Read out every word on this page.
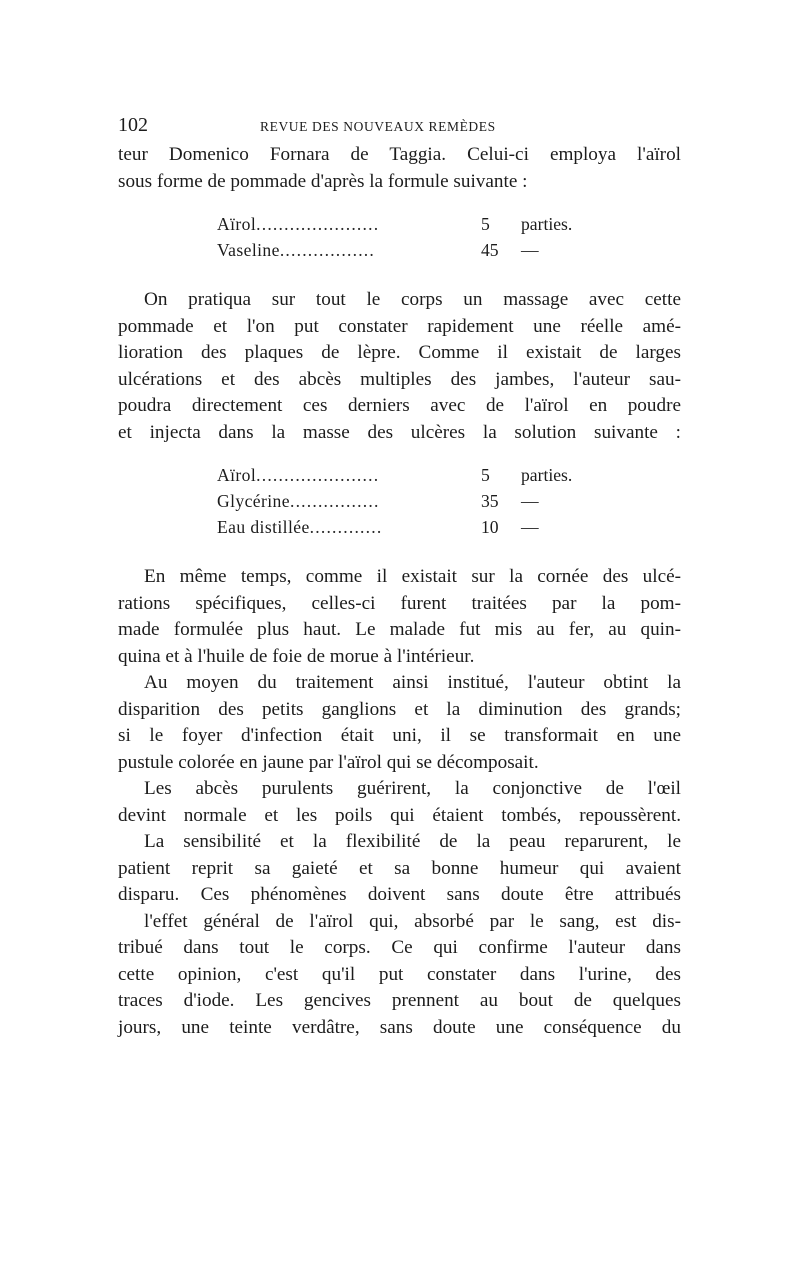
102	REVUE DES NOUVEAUX REMÈDES

teur Domenico Fornara de Taggia. Celui-ci employa l'aïrol
sous forme de pommade d'après la formule suivante :

Aïrol......................	5	parties.
Vaseline.................	45	—

On pratiqua sur tout le corps un massage avec cette
pommade et l'on put constater rapidement une réelle amé-
lioration des plaques de lèpre. Comme il existait de larges
ulcérations et des abcès multiples des jambes, l'auteur sau-
poudra directement ces derniers avec de l'aïrol en poudre
et injecta dans la masse des ulcères la solution suivante :

Aïrol......................	5	parties.
Glycérine................	35	—
Eau distillée.............	10	—

En même temps, comme il existait sur la cornée des ulcé-
rations spécifiques, celles-ci furent traitées par la pom-
made formulée plus haut. Le malade fut mis au fer, au quin-
quina et à l'huile de foie de morue à l'intérieur.

Au moyen du traitement ainsi institué, l'auteur obtint la
disparition des petits ganglions et la diminution des grands;
si le foyer d'infection était uni, il se transformait en une
pustule colorée en jaune par l'aïrol qui se décomposait.

Les abcès purulents guérirent, la conjonctive de l'œil
devint normale et les poils qui étaient tombés, repoussèrent.

La sensibilité et la flexibilité de la peau reparurent, le
patient reprit sa gaieté et sa bonne humeur qui avaient
disparu. Ces phénomènes doivent sans doute être attribués
l'effet général de l'aïrol qui, absorbé par le sang, est dis-
tribué dans tout le corps. Ce qui confirme l'auteur dans
cette opinion, c'est qu'il put constater dans l'urine, des
traces d'iode. Les gencives prennent au bout de quelques
jours, une teinte verdâtre, sans doute une conséquence du
